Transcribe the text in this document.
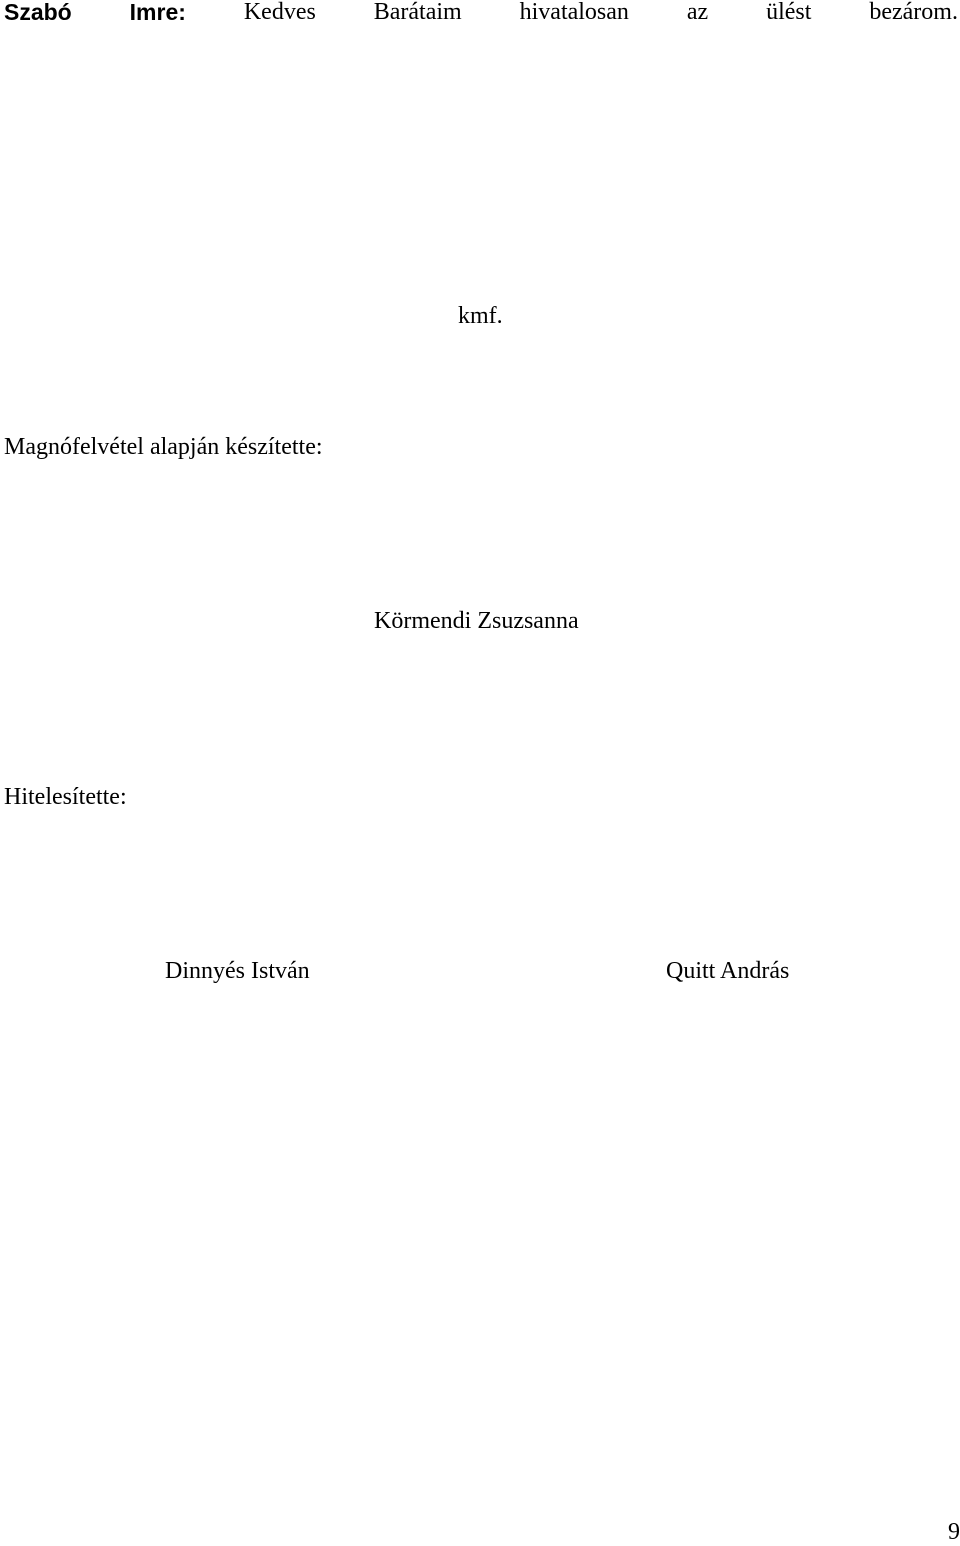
Szabó	Imre: Kedves Barátaim hivatalosan az ülést bezárom.
kmf.
Magnófelvétel alapján készítette:
Körmendi Zsuzsanna
Hitelesítette:
Dinnyés István	Quitt András
9
